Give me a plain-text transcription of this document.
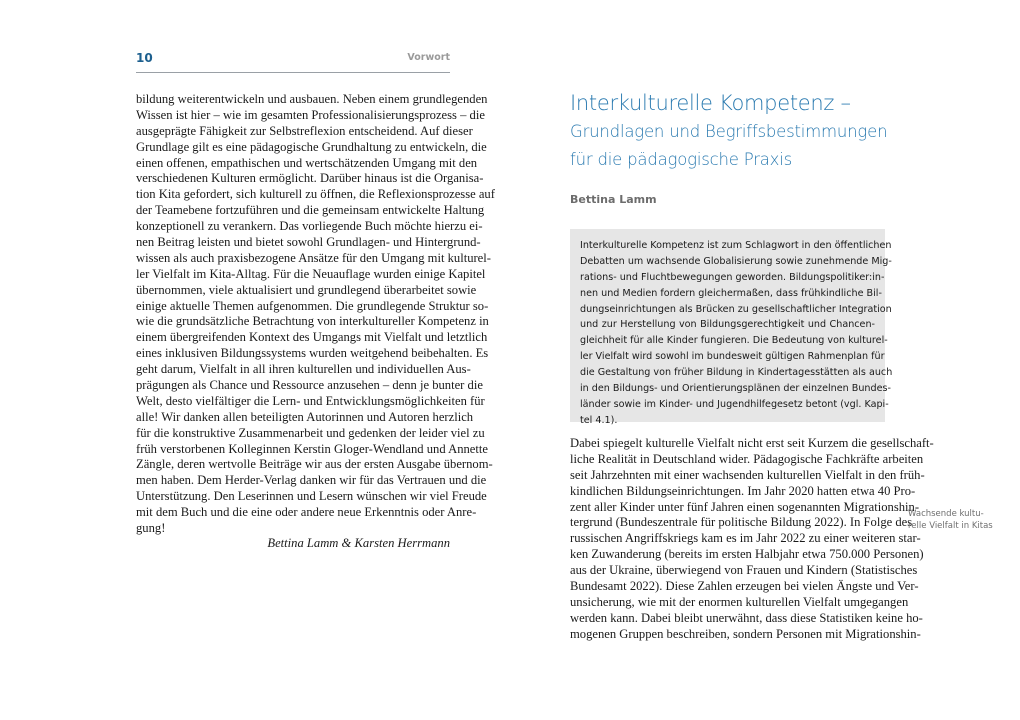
10	Vorwort
bildung weiterentwickeln und ausbauen. Neben einem grundlegenden
Wissen ist hier – wie im gesamten Professionalisierungsprozess – die
ausgeprägte Fähigkeit zur Selbstreflexion entscheidend. Auf dieser
Grundlage gilt es eine pädagogische Grundhaltung zu entwickeln, die
einen offenen, empathischen und wertschätzenden Umgang mit den
verschiedenen Kulturen ermöglicht. Darüber hinaus ist die Organisa-
tion Kita gefordert, sich kulturell zu öffnen, die Reflexionsprozesse auf
der Teamebene fortzuführen und die gemeinsam entwickelte Haltung
konzeptionell zu verankern. Das vorliegende Buch möchte hierzu ei-
nen Beitrag leisten und bietet sowohl Grundlagen- und Hintergrund-
wissen als auch praxisbezogene Ansätze für den Umgang mit kulturel-
ler Vielfalt im Kita-Alltag. Für die Neuauflage wurden einige Kapitel
übernommen, viele aktualisiert und grundlegend überarbeitet sowie
einige aktuelle Themen aufgenommen. Die grundlegende Struktur so-
wie die grundsätzliche Betrachtung von interkultureller Kompetenz in
einem übergreifenden Kontext des Umgangs mit Vielfalt und letztlich
eines inklusiven Bildungssystems wurden weitgehend beibehalten. Es
geht darum, Vielfalt in all ihren kulturellen und individuellen Aus-
prägungen als Chance und Ressource anzusehen – denn je bunter die
Welt, desto vielfältiger die Lern- und Entwicklungsmöglichkeiten für
alle! Wir danken allen beteiligten Autorinnen und Autoren herzlich
für die konstruktive Zusammenarbeit und gedenken der leider viel zu
früh verstorbenen Kolleginnen Kerstin Gloger-Wendland und Annette
Zängle, deren wertvolle Beiträge wir aus der ersten Ausgabe übernom-
men haben. Dem Herder-Verlag danken wir für das Vertrauen und die
Unterstützung. Den Leserinnen und Lesern wünschen wir viel Freude
mit dem Buch und die eine oder andere neue Erkenntnis oder Anre-
gung!
Bettina Lamm & Karsten Herrmann
Interkulturelle Kompetenz –
Grundlagen und Begriffsbestimmungen
für die pädagogische Praxis
Bettina Lamm
Interkulturelle Kompetenz ist zum Schlagwort in den öffentlichen
Debatten um wachsende Globalisierung sowie zunehmende Mig-
rations- und Fluchtbewegungen geworden. Bildungspolitiker:in-
nen und Medien fordern gleichermaßen, dass frühkindliche Bil-
dungseinrichtungen als Brücken zu gesellschaftlicher Integration
und zur Herstellung von Bildungsgerechtigkeit und Chancen-
gleichheit für alle Kinder fungieren. Die Bedeutung von kulturel-
ler Vielfalt wird sowohl im bundesweit gültigen Rahmenplan für
die Gestaltung von früher Bildung in Kindertagesstätten als auch
in den Bildungs- und Orientierungsplänen der einzelnen Bundes-
länder sowie im Kinder- und Jugendhilfegesetz betont (vgl. Kapi-
tel 4.1).
Dabei spiegelt kulturelle Vielfalt nicht erst seit Kurzem die gesellschaft-
liche Realität in Deutschland wider. Pädagogische Fachkräfte arbeiten
seit Jahrzehnten mit einer wachsenden kulturellen Vielfalt in den früh-
kindlichen Bildungseinrichtungen. Im Jahr 2020 hatten etwa 40 Pro-
zent aller Kinder unter fünf Jahren einen sogenannten Migrationshin-
tergrund (Bundeszentrale für politische Bildung 2022). In Folge des
russischen Angriffskriegs kam es im Jahr 2022 zu einer weiteren star-
ken Zuwanderung (bereits im ersten Halbjahr etwa 750.000 Personen)
aus der Ukraine, überwiegend von Frauen und Kindern (Statistisches
Bundesamt 2022). Diese Zahlen erzeugen bei vielen Ängste und Ver-
unsicherung, wie mit der enormen kulturellen Vielfalt umgegangen
werden kann. Dabei bleibt unerwähnt, dass diese Statistiken keine ho-
mogenen Gruppen beschreiben, sondern Personen mit Migrationshin-
Wachsende kultu-
relle Vielfalt in Kitas
